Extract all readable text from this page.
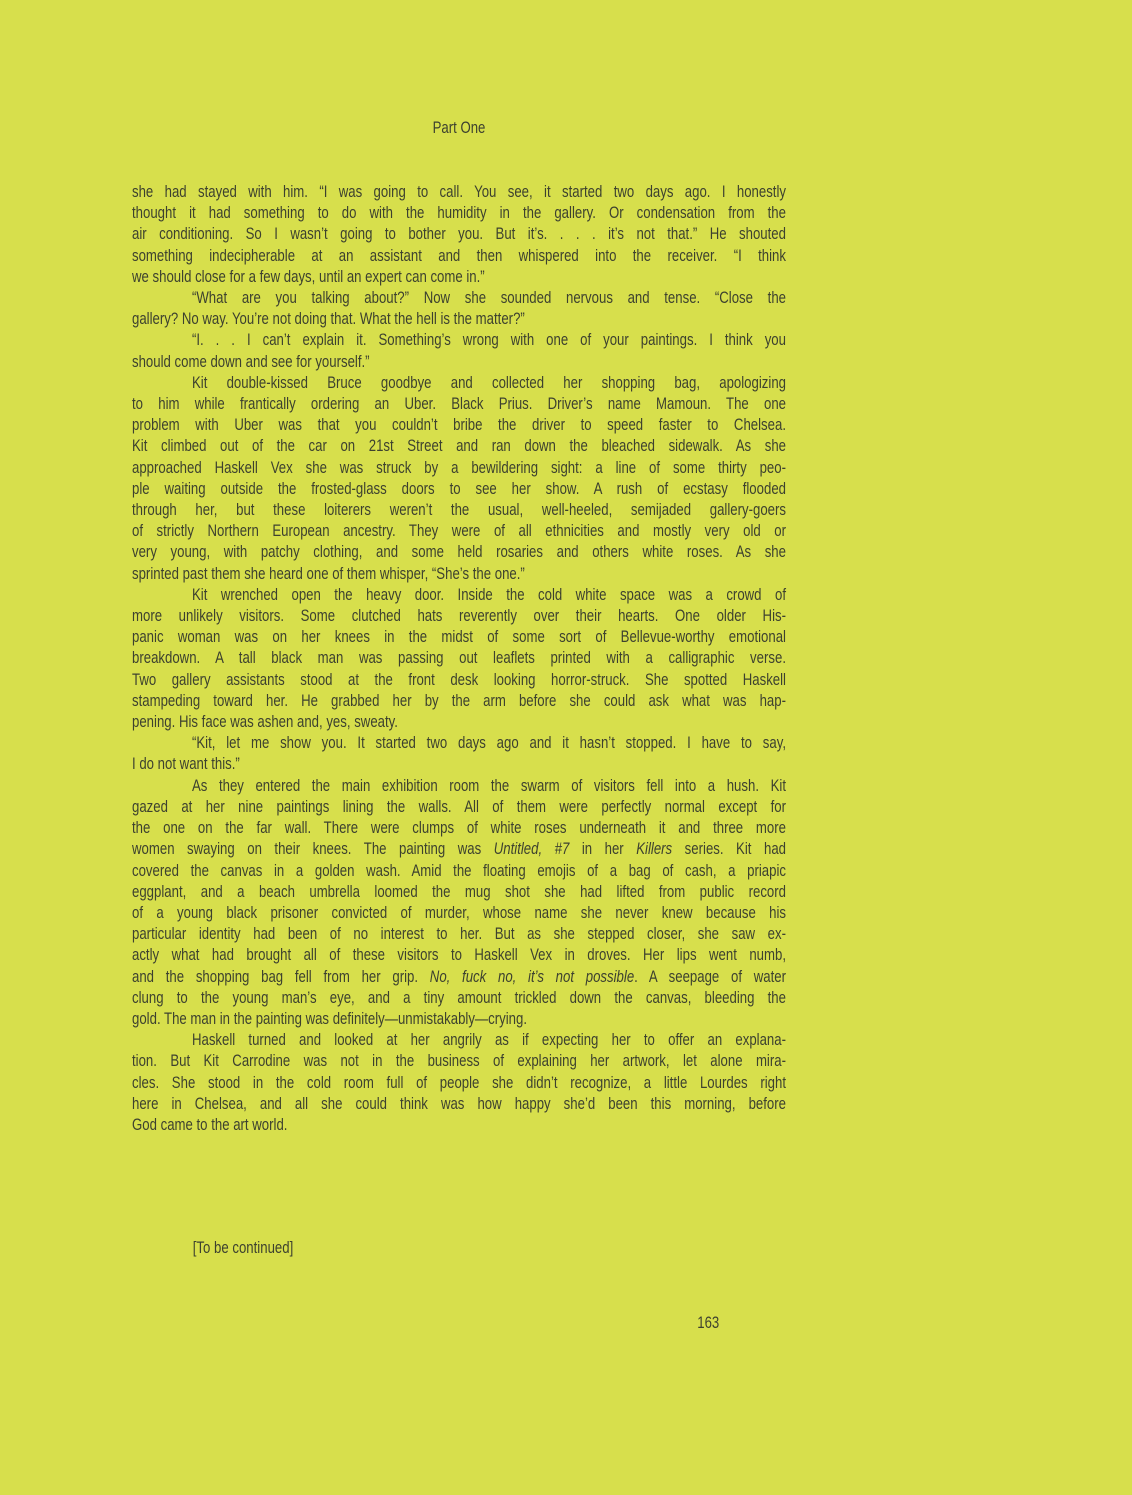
Part One
she had stayed with him. “I was going to call. You see, it started two days ago. I honestly
thought it had something to do with the humidity in the gallery. Or condensation from the
air conditioning. So I wasn’t going to bother you. But it’s. . . . it’s not that.” He shouted
something indecipherable at an assistant and then whispered into the receiver. “I think
we should close for a few days, until an expert can come in.”
“What are you talking about?” Now she sounded nervous and tense. “Close the
gallery? No way. You’re not doing that. What the hell is the matter?”
“I. . . I can’t explain it. Something’s wrong with one of your paintings. I think you
should come down and see for yourself.”
Kit double-kissed Bruce goodbye and collected her shopping bag, apologizing
to him while frantically ordering an Uber. Black Prius. Driver’s name Mamoun. The one
problem with Uber was that you couldn’t bribe the driver to speed faster to Chelsea.
Kit climbed out of the car on 21st Street and ran down the bleached sidewalk. As she
approached Haskell Vex she was struck by a bewildering sight: a line of some thirty peo-
ple waiting outside the frosted-glass doors to see her show. A rush of ecstasy flooded
through her, but these loiterers weren’t the usual, well-heeled, semijaded gallery-goers
of strictly Northern European ancestry. They were of all ethnicities and mostly very old or
very young, with patchy clothing, and some held rosaries and others white roses. As she
sprinted past them she heard one of them whisper, “She’s the one.”
Kit wrenched open the heavy door. Inside the cold white space was a crowd of
more unlikely visitors. Some clutched hats reverently over their hearts. One older His-
panic woman was on her knees in the midst of some sort of Bellevue-worthy emotional
breakdown. A tall black man was passing out leaflets printed with a calligraphic verse.
Two gallery assistants stood at the front desk looking horror-struck. She spotted Haskell
stampeding toward her. He grabbed her by the arm before she could ask what was hap-
pening. His face was ashen and, yes, sweaty.
“Kit, let me show you. It started two days ago and it hasn’t stopped. I have to say,
I do not want this.”
As they entered the main exhibition room the swarm of visitors fell into a hush. Kit
gazed at her nine paintings lining the walls. All of them were perfectly normal except for
the one on the far wall. There were clumps of white roses underneath it and three more
women swaying on their knees. The painting was Untitled, #7 in her Killers series. Kit had
covered the canvas in a golden wash. Amid the floating emojis of a bag of cash, a priapic
eggplant, and a beach umbrella loomed the mug shot she had lifted from public record
of a young black prisoner convicted of murder, whose name she never knew because his
particular identity had been of no interest to her. But as she stepped closer, she saw ex-
actly what had brought all of these visitors to Haskell Vex in droves. Her lips went numb,
and the shopping bag fell from her grip. No, fuck no, it’s not possible. A seepage of water
clung to the young man’s eye, and a tiny amount trickled down the canvas, bleeding the
gold. The man in the painting was definitely—unmistakably—crying.
Haskell turned and looked at her angrily as if expecting her to offer an explana-
tion. But Kit Carrodine was not in the business of explaining her artwork, let alone mira-
cles. She stood in the cold room full of people she didn’t recognize, a little Lourdes right
here in Chelsea, and all she could think was how happy she’d been this morning, before
God came to the art world.
[To be continued]
163
